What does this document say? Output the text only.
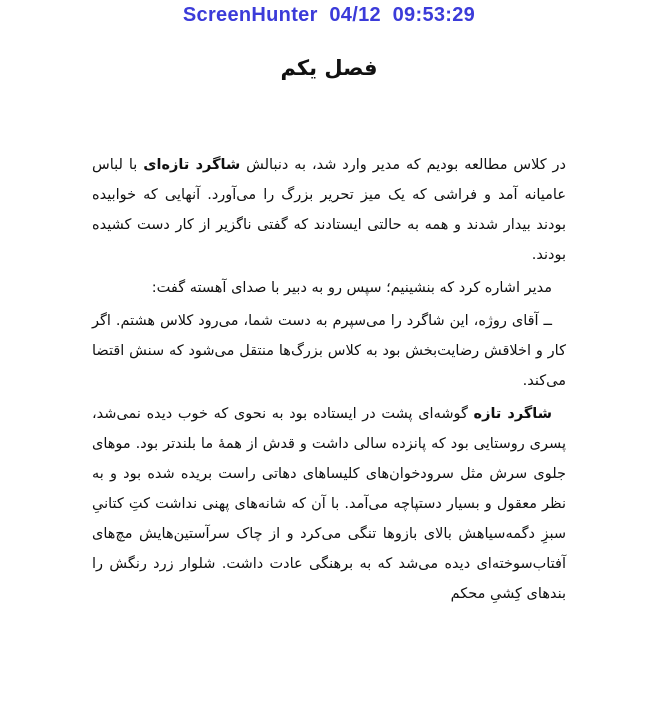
ScreenHunter  04/12  09:53:29
فصل یکم

در کلاس مطالعه بودیم که مدیر وارد شد، به دنبالش شاگرد تازه‌ای با لباس عامیانه آمد و فراشی که یک میز تحریر بزرگ را می‌آورد. آنهایی که خوابیده بودند بیدار شدند و همه به حالتی ایستادند که گفتی ناگزیر از کار دست کشیده بودند.

مدیر اشاره کرد که بنشینیم؛ سپس رو به دبیر با صدای آهسته گفت:

ــ آقای روژه، این شاگرد را می‌سپرم به دست شما، می‌رود کلاس هشتم. اگر کار و اخلاقش رضایت‌بخش بود به کلاس بزرگ‌ها منتقل می‌شود که سنش اقتضا می‌کند.

شاگرد تازه گوشه‌ای پشت در ایستاده بود به نحوی که خوب دیده نمی‌شد، پسری روستایی بود که پانزده سالی داشت و قدش از همهٔ ما بلندتر بود. موهای جلوی سرش مثل سرودخوان‌های کلیساهای دهاتی راست بریده شده بود و به نظر معقول و بسیار دستپاچه می‌آمد. با آن که شانه‌های پهنی نداشت کتِ کتانیِ سبزِ دگمه‌سیاهش بالای بازوها تنگی می‌کرد و از چاک سرآستین‌هایش مچ‌های آفتاب‌سوخته‌ای دیده می‌شد که به برهنگی عادت داشت. شلوار زرد رنگش را بندهای کِشیِ محکم
